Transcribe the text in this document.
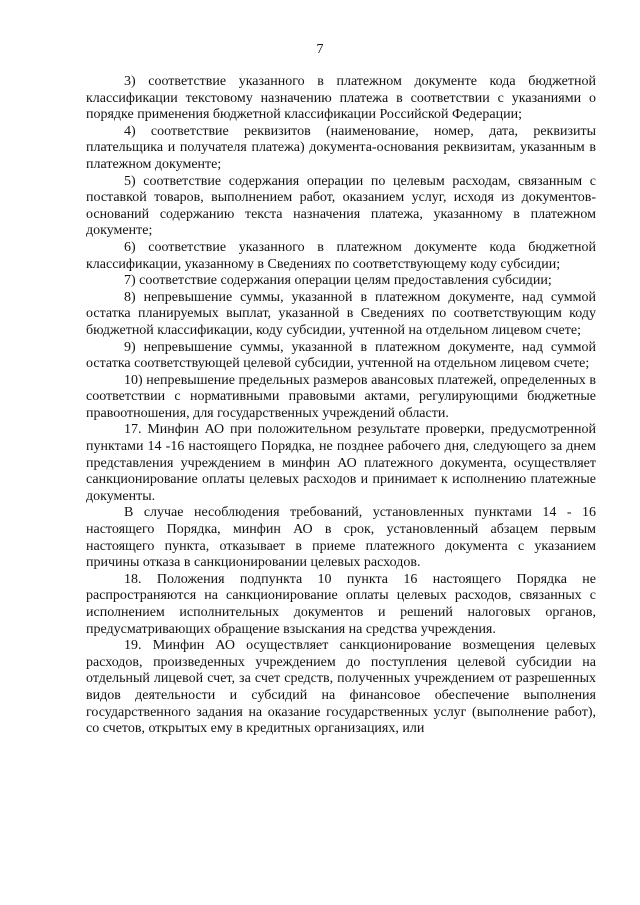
7

3) соответствие указанного в платежном документе кода бюджетной классификации текстовому назначению платежа в соответствии с указаниями о порядке применения бюджетной классификации Российской Федерации;

4) соответствие реквизитов (наименование, номер, дата, реквизиты плательщика и получателя платежа) документа-основания реквизитам, указанным в платежном документе;

5) соответствие содержания операции по целевым расходам, связанным с поставкой товаров, выполнением работ, оказанием услуг, исходя из документов-оснований содержанию текста назначения платежа, указанному в платежном документе;

6) соответствие указанного в платежном документе кода бюджетной классификации, указанному в Сведениях по соответствующему коду субсидии;

7) соответствие содержания операции целям предоставления субсидии;

8) непревышение суммы, указанной в платежном документе, над суммой остатка планируемых выплат, указанной в Сведениях по соответствующим коду бюджетной классификации, коду субсидии, учтенной на отдельном лицевом счете;

9) непревышение суммы, указанной в платежном документе, над суммой остатка соответствующей целевой субсидии, учтенной на отдельном лицевом счете;

10) непревышение предельных размеров авансовых платежей, определенных в соответствии с нормативными правовыми актами, регулирующими бюджетные правоотношения, для государственных учреждений области.

17. Минфин АО при положительном результате проверки, предусмотренной пунктами 14 -16 настоящего Порядка, не позднее рабочего дня, следующего за днем представления учреждением в минфин АО платежного документа, осуществляет санкционирование оплаты целевых расходов и принимает к исполнению платежные документы.

В случае несоблюдения требований, установленных пунктами 14 - 16 настоящего Порядка, минфин АО в срок, установленный абзацем первым настоящего пункта, отказывает в приеме платежного документа с указанием причины отказа в санкционировании целевых расходов.

18. Положения подпункта 10 пункта 16 настоящего Порядка не распространяются на санкционирование оплаты целевых расходов, связанных с исполнением исполнительных документов и решений налоговых органов, предусматривающих обращение взыскания на средства учреждения.

19. Минфин АО осуществляет санкционирование возмещения целевых расходов, произведенных учреждением до поступления целевой субсидии на отдельный лицевой счет, за счет средств, полученных учреждением от разрешенных видов деятельности и субсидий на финансовое обеспечение выполнения государственного задания на оказание государственных услуг (выполнение работ), со счетов, открытых ему в кредитных организациях, или
